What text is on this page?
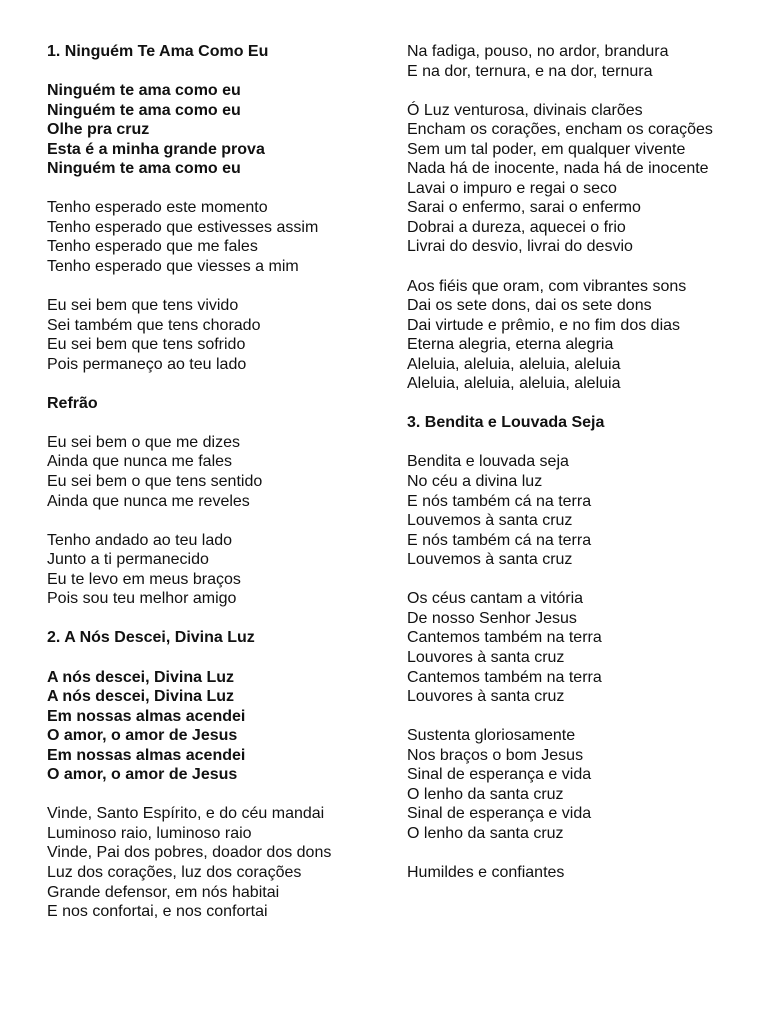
1. Ninguém Te Ama Como Eu
Ninguém te ama como eu
Ninguém te ama como eu
Olhe pra cruz
Esta é a minha grande prova
Ninguém te ama como eu
Tenho esperado este momento
Tenho esperado que estivesses assim
Tenho esperado que me fales
Tenho esperado que viesses a mim
Eu sei bem que tens vivido
Sei também que tens chorado
Eu sei bem que tens sofrido
Pois permaneço ao teu lado
Refrão
Eu sei bem o que me dizes
Ainda que nunca me fales
Eu sei bem o que tens sentido
Ainda que nunca me reveles
Tenho andado ao teu lado
Junto a ti permanecido
Eu te levo em meus braços
Pois sou teu melhor amigo
2. A Nós Descei, Divina Luz
A nós descei, Divina Luz
A nós descei, Divina Luz
Em nossas almas acendei
O amor, o amor de Jesus
Em nossas almas acendei
O amor, o amor de Jesus
Vinde, Santo Espírito, e do céu mandai
Luminoso raio, luminoso raio
Vinde, Pai dos pobres, doador dos dons
Luz dos corações, luz dos corações
Grande defensor, em nós habitai
E nos confortai, e nos confortai
Na fadiga, pouso, no ardor, brandura
E na dor, ternura, e na dor, ternura
Ó Luz venturosa, divinais clarões
Encham os corações, encham os corações
Sem um tal poder, em qualquer vivente
Nada há de inocente, nada há de inocente
Lavai o impuro e regai o seco
Sarai o enfermo, sarai o enfermo
Dobrai a dureza, aquecei o frio
Livrai do desvio, livrai do desvio
Aos fiéis que oram, com vibrantes sons
Dai os sete dons, dai os sete dons
Dai virtude e prêmio, e no fim dos dias
Eterna alegria, eterna alegria
Aleluia, aleluia, aleluia, aleluia
Aleluia, aleluia, aleluia, aleluia
3. Bendita e Louvada Seja
Bendita e louvada seja
No céu a divina luz
E nós também cá na terra
Louvemos à santa cruz
E nós também cá na terra
Louvemos à santa cruz
Os céus cantam a vitória
De nosso Senhor Jesus
Cantemos também na terra
Louvores à santa cruz
Cantemos também na terra
Louvores à santa cruz
Sustenta gloriosamente
Nos braços o bom Jesus
Sinal de esperança e vida
O lenho da santa cruz
Sinal de esperança e vida
O lenho da santa cruz
Humildes e confiantes
